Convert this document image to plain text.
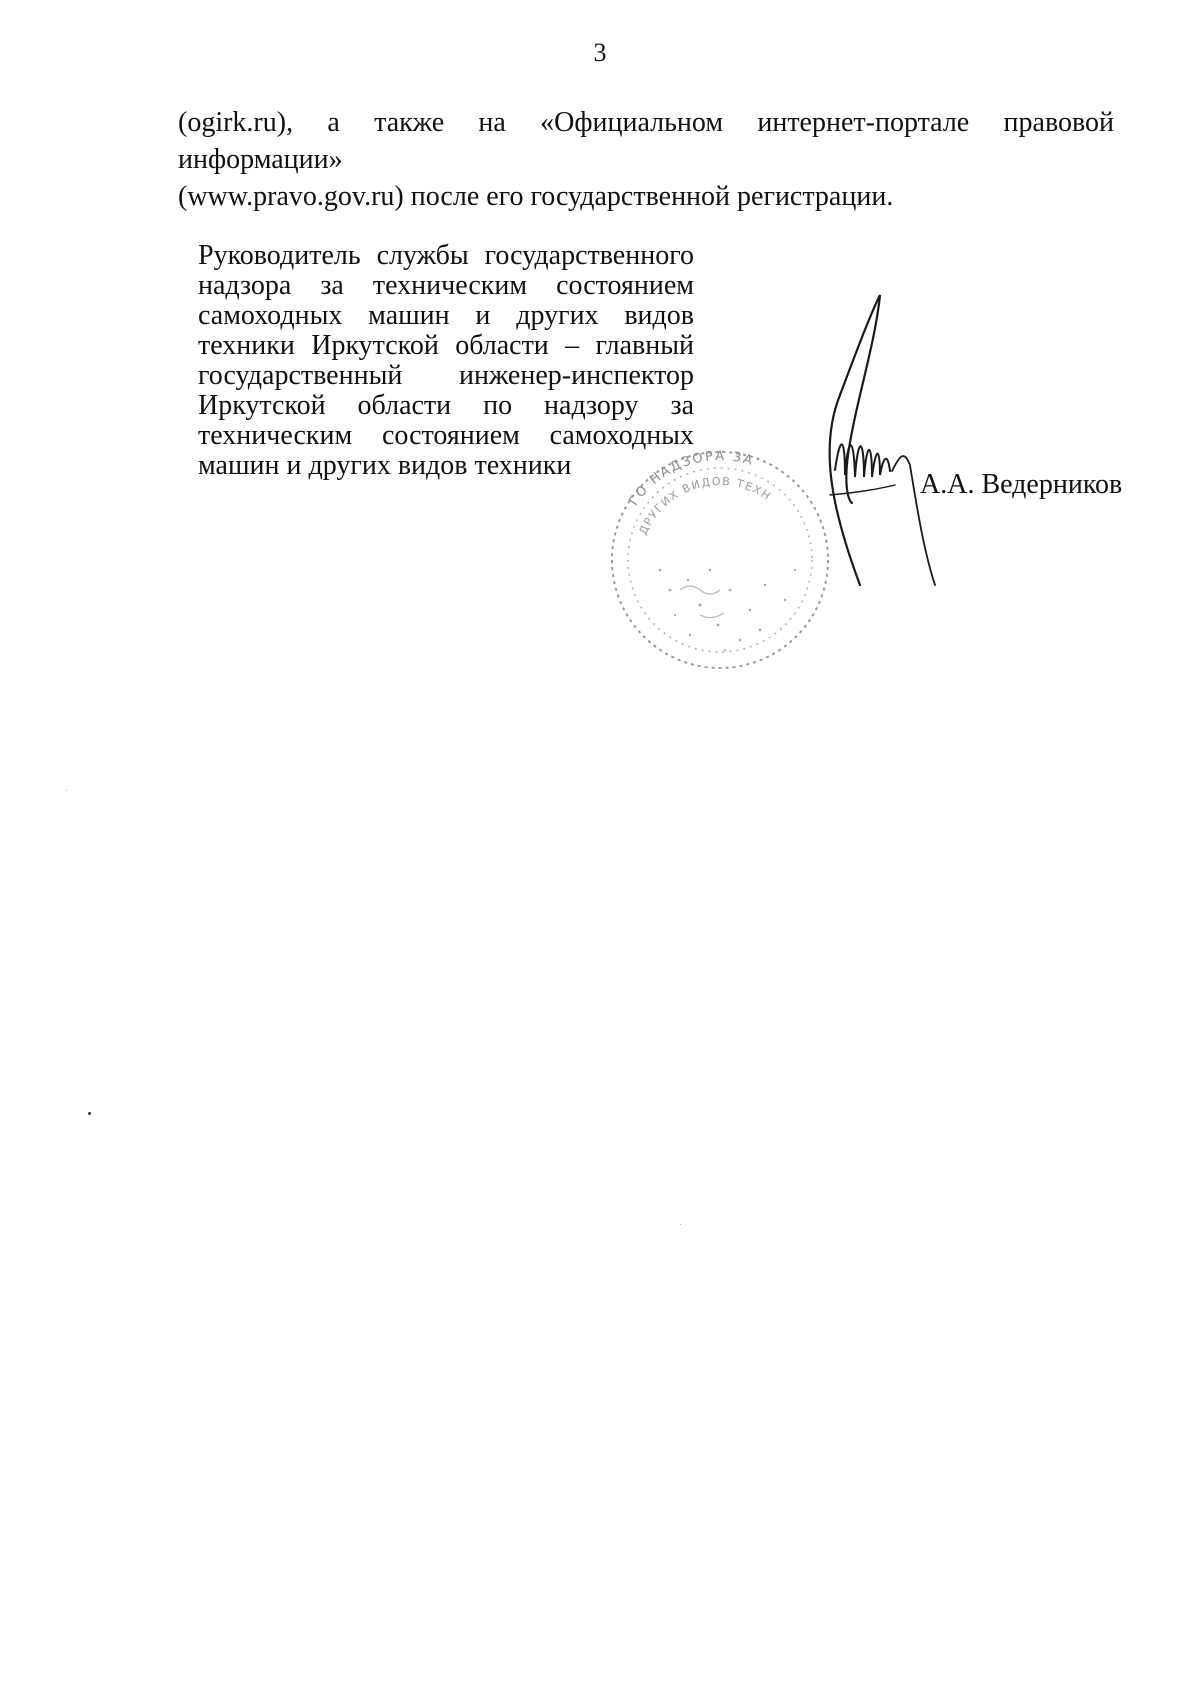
3
(ogirk.ru), а также на «Официальном интернет-портале правовой информации»
(www.pravo.gov.ru) после его государственной регистрации.
Руководитель службы государственного
надзора за техническим состоянием
самоходных машин и других видов
техники Иркутской области – главный
государственный инженер-инспектор
Иркутской области по надзору за
техническим состоянием самоходных
машин и других видов техники
ГО НАДЗОРА ЗА
ДРУГИХ ВИДОВ ТЕХН	А.А. Ведерников
